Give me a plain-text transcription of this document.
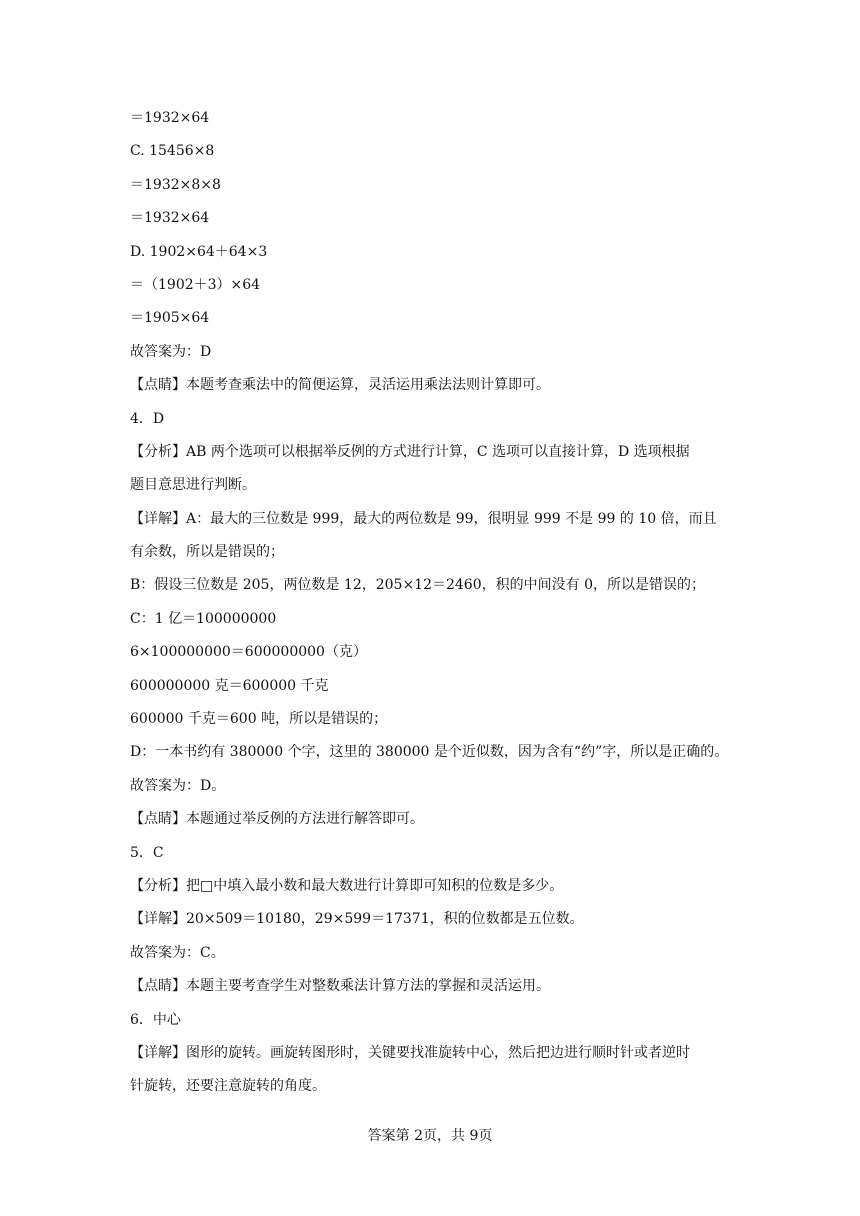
＝1932×64
C. 15456×8
＝1932×8×8
＝1932×64
D. 1902×64＋64×3
＝（1902＋3）×64
＝1905×64
故答案为：D
【点睛】本题考查乘法中的简便运算，灵活运用乘法法则计算即可。
4．D
【分析】AB 两个选项可以根据举反例的方式进行计算，C 选项可以直接计算，D 选项根据
题目意思进行判断。
【详解】A：最大的三位数是 999，最大的两位数是 99，很明显 999 不是 99 的 10 倍，而且
有余数，所以是错误的；
B：假设三位数是 205，两位数是 12，205×12＝2460，积的中间没有 0，所以是错误的；
C：1 亿＝100000000
6×100000000＝600000000（克）
600000000 克＝600000 千克
600000 千克＝600 吨，所以是错误的；
D：一本书约有 380000 个字，这里的 380000 是个近似数，因为含有“约”字，所以是正确的。
故答案为：D。
【点睛】本题通过举反例的方法进行解答即可。
5．C
【分析】把□中填入最小数和最大数进行计算即可知积的位数是多少。
【详解】20×509＝10180，29×599＝17371，积的位数都是五位数。
故答案为：C。
【点睛】本题主要考查学生对整数乘法计算方法的掌握和灵活运用。
6．中心
【详解】图形的旋转。画旋转图形时，关键要找准旋转中心，然后把边进行顺时针或者逆时
针旋转，还要注意旋转的角度。
答案第 2页，共 9页
